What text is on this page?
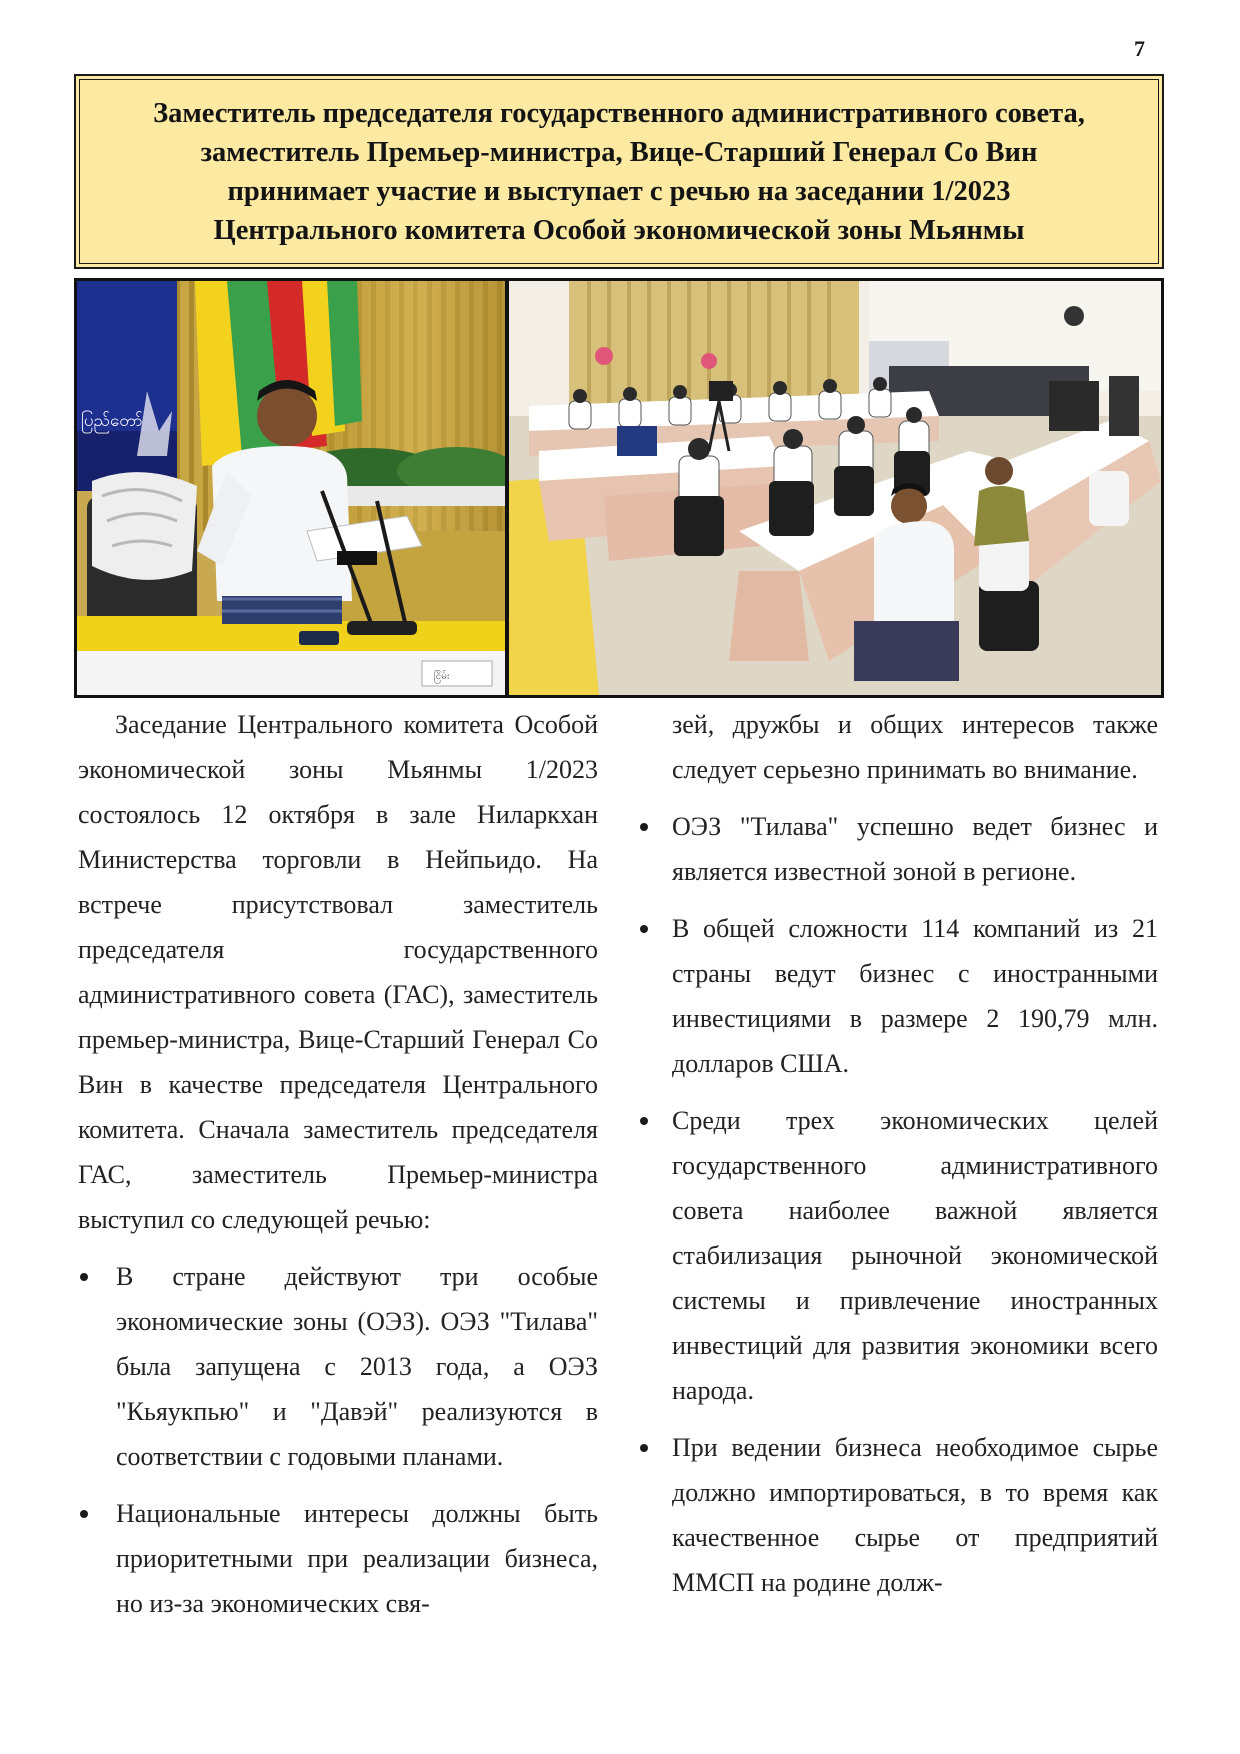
7
Заместитель председателя государственного административного совета,
заместитель Премьер-министра, Вице-Старший Генерал Со Вин
принимает участие и выступает с речью на заседании 1/2023
Центрального комитета Особой экономической зоны Мьянмы
ပြည်တော်
ငြိမ်း

Заседание Центрального комитета Особой экономической зоны Мьянмы 1/2023 состоялось 12 октября в зале Ниларкхан Министерства торговли в Нейпьидо. На встрече присутствовал заместитель председателя государственного административного совета (ГАС), заместитель премьер-министра, Вице-Старший Генерал Со Вин в качестве председателя Центрального комитета. Сначала заместитель председателя ГАС, заместитель Премьер-министра выступил со следующей речью:

В стране действуют три особые экономические зоны (ОЭЗ). ОЭЗ "Тилава" была запущена с 2013 года, а ОЭЗ "Кьяукпью" и "Давэй" реализуются в соответствии с годовыми планами.
Национальные интересы должны быть приоритетными при реализации бизнеса, но из-за экономических свя-

зей, дружбы и общих интересов также следует серьезно принимать во внимание.

ОЭЗ "Тилава" успешно ведет бизнес и является известной зоной в регионе.
В общей сложности 114 компаний из 21 страны ведут бизнес с иностранными инвестициями в размере 2 190,79 млн. долларов США.
Среди трех экономических целей государственного административного совета наиболее важной является стабилизация рыночной экономической системы и привлечение иностранных инвестиций для развития экономики всего народа.
При ведении бизнеса необходимое сырье должно импортироваться, в то время как качественное сырье от предприятий ММСП на родине долж-
